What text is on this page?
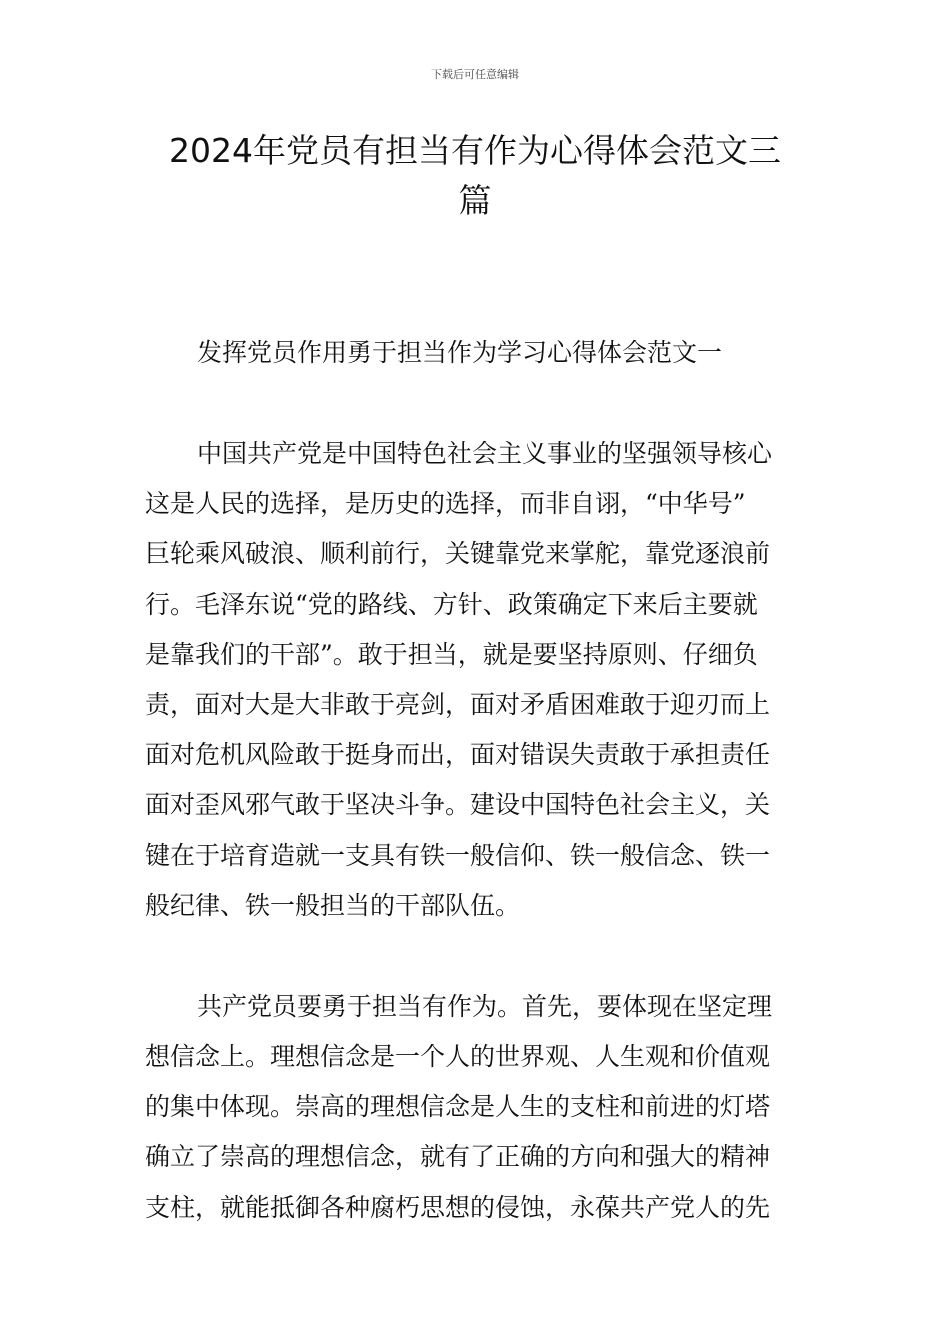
下载后可任意编辑
2024年党员有担当有作为心得体会范文三
篇

发挥党员作用勇于担当作为学习心得体会范文一

中国共产党是中国特色社会主义事业的坚强领导核心
这是人民的选择，是历史的选择，而非自诩，“中华号”
巨轮乘风破浪、顺利前行，关键靠党来掌舵，靠党逐浪前
行。毛泽东说“党的路线、方针、政策确定下来后主要就
是靠我们的干部”。敢于担当，就是要坚持原则、仔细负
责，面对大是大非敢于亮剑，面对矛盾困难敢于迎刃而上
面对危机风险敢于挺身而出，面对错误失责敢于承担责任
面对歪风邪气敢于坚决斗争。建设中国特色社会主义，关
键在于培育造就一支具有铁一般信仰、铁一般信念、铁一
般纪律、铁一般担当的干部队伍。
共产党员要勇于担当有作为。首先，要体现在坚定理
想信念上。理想信念是一个人的世界观、人生观和价值观
的集中体现。崇高的理想信念是人生的支柱和前进的灯塔
确立了崇高的理想信念，就有了正确的方向和强大的精神
支柱，就能抵御各种腐朽思想的侵蚀，永葆共产党人的先
